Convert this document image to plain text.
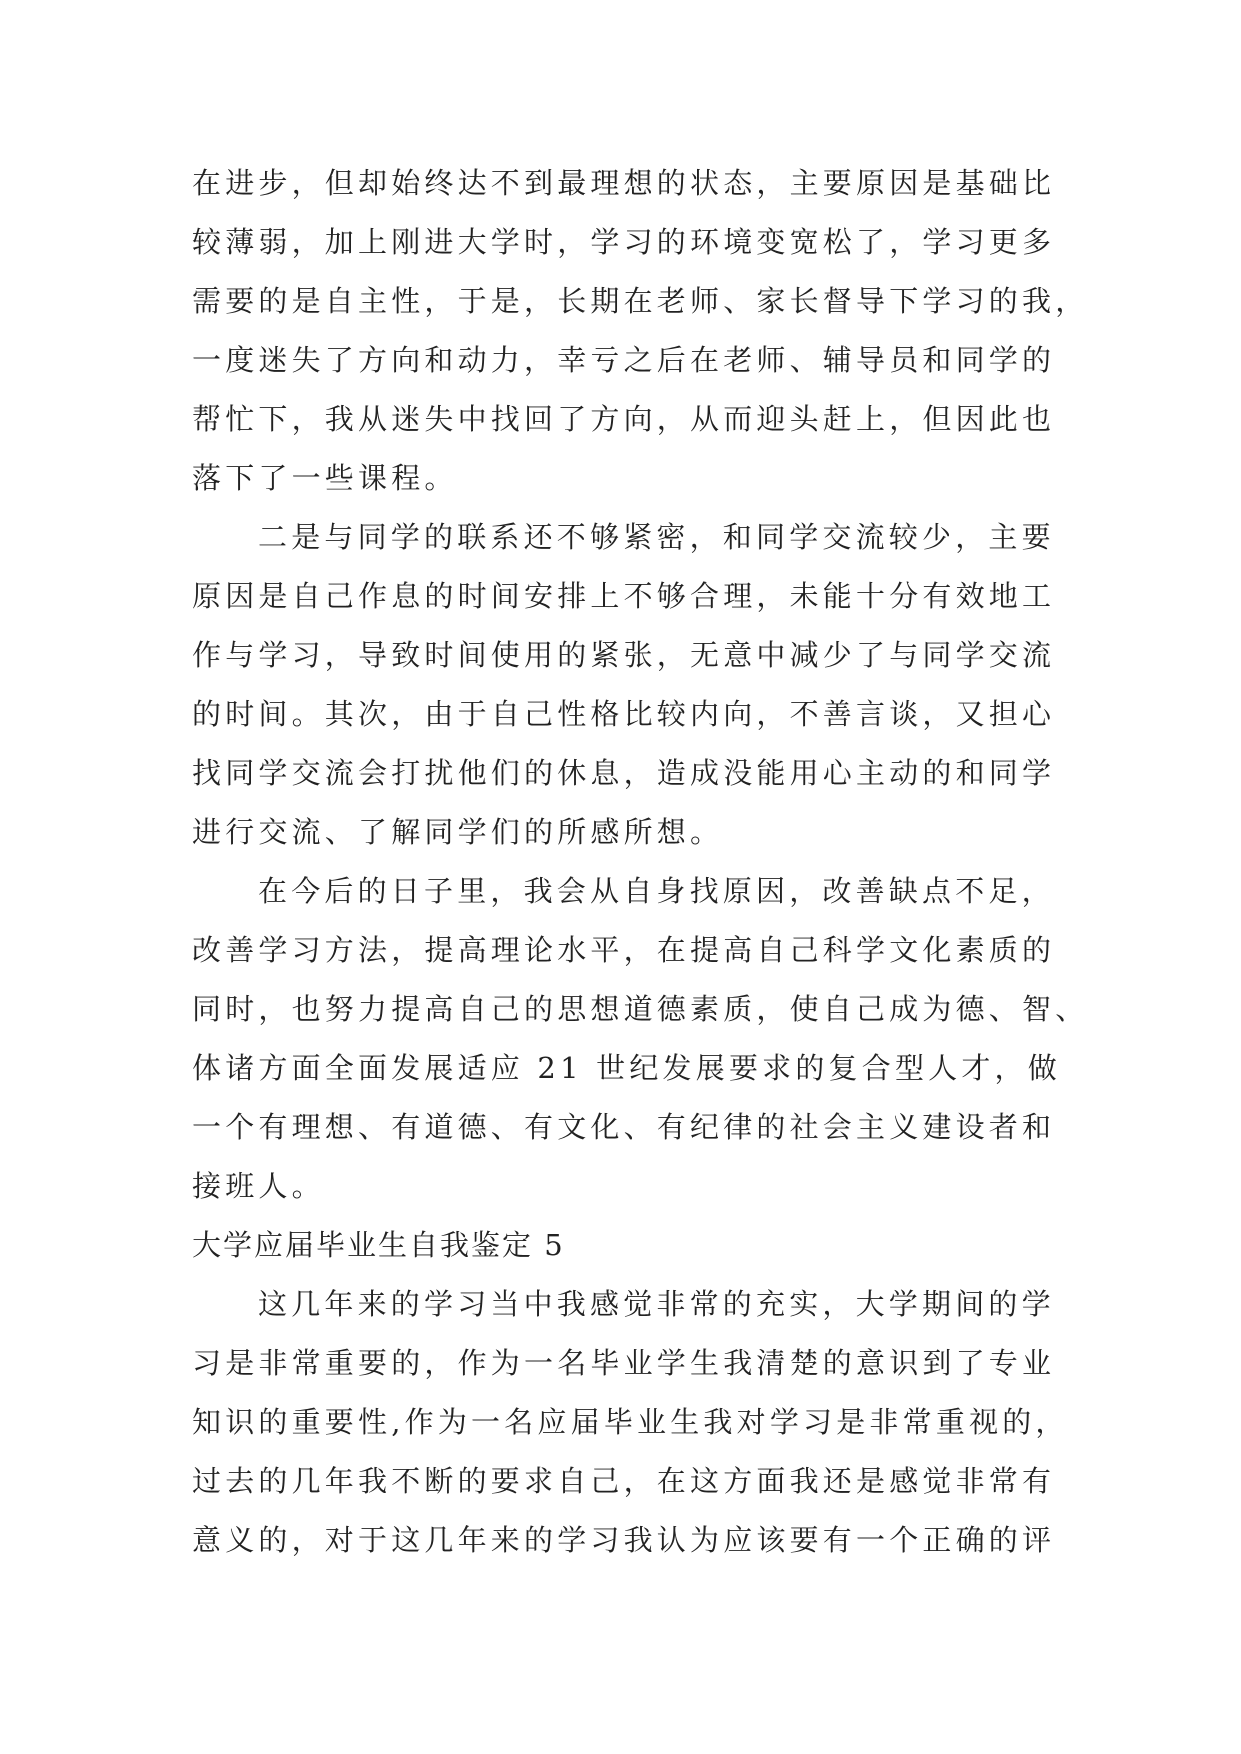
在进步，但却始终达不到最理想的状态，主要原因是基础比
较薄弱，加上刚进大学时，学习的环境变宽松了，学习更多
需要的是自主性，于是，长期在老师、家长督导下学习的我，
一度迷失了方向和动力，幸亏之后在老师、辅导员和同学的
帮忙下，我从迷失中找回了方向，从而迎头赶上，但因此也
落下了一些课程。
二是与同学的联系还不够紧密，和同学交流较少，主要
原因是自己作息的时间安排上不够合理，未能十分有效地工
作与学习，导致时间使用的紧张，无意中减少了与同学交流
的时间。其次，由于自己性格比较内向，不善言谈，又担心
找同学交流会打扰他们的休息，造成没能用心主动的和同学
进行交流、了解同学们的所感所想。
在今后的日子里，我会从自身找原因，改善缺点不足，
改善学习方法，提高理论水平，在提高自己科学文化素质的
同时，也努力提高自己的思想道德素质，使自己成为德、智、
体诸方面全面发展适应 21 世纪发展要求的复合型人才，做
一个有理想、有道德、有文化、有纪律的社会主义建设者和
接班人。
大学应届毕业生自我鉴定 5
这几年来的学习当中我感觉非常的充实，大学期间的学
习是非常重要的，作为一名毕业学生我清楚的意识到了专业
知识的重要性,作为一名应届毕业生我对学习是非常重视的，
过去的几年我不断的要求自己，在这方面我还是感觉非常有
意义的，对于这几年来的学习我认为应该要有一个正确的评
